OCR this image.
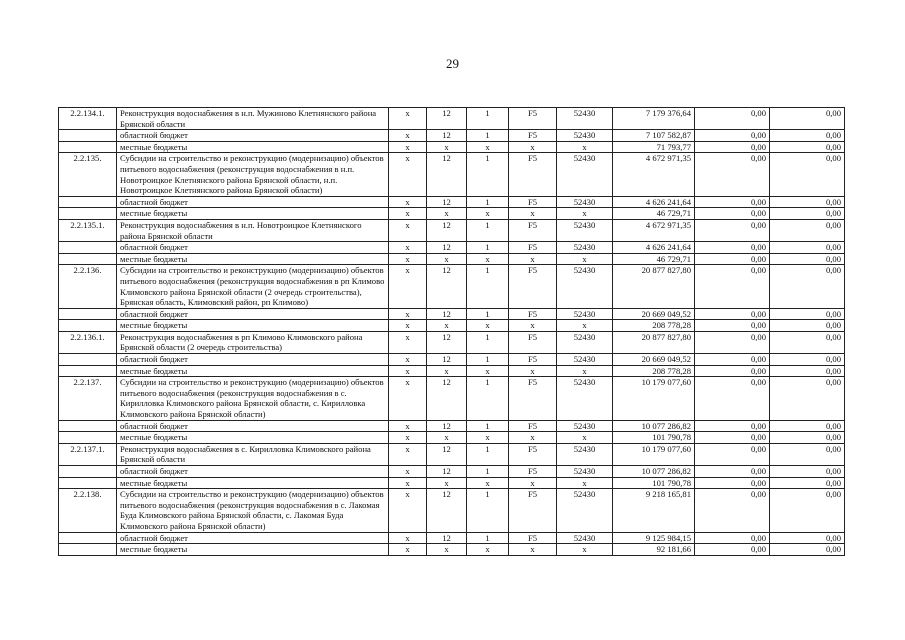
29
2.2.134.1.	Реконструкция водоснабжения в н.п. Мужиново Клетнянского района Брянской области	х	12	1	F5	52430	7 179 376,64	0,00	0,00
	областной бюджет	х	12	1	F5	52430	7 107 582,87	0,00	0,00
	местные бюджеты	х	х	х	х	х	71 793,77	0,00	0,00
2.2.135.	Субсидии на строительство и реконструкцию (модернизацию) объектов питьевого водоснабжения (реконструкция водоснабжения в н.п. Новотроицкое Клетнянского района Брянской области, н.п. Новотроицкое Клетнянского района Брянской области)	х	12	1	F5	52430	4 672 971,35	0,00	0,00
	областной бюджет	х	12	1	F5	52430	4 626 241,64	0,00	0,00
	местные бюджеты	х	х	х	х	х	46 729,71	0,00	0,00
2.2.135.1.	Реконструкция водоснабжения в н.п. Новотроицкое Клетнянского района Брянской области	х	12	1	F5	52430	4 672 971,35	0,00	0,00
	областной бюджет	х	12	1	F5	52430	4 626 241,64	0,00	0,00
	местные бюджеты	х	х	х	х	х	46 729,71	0,00	0,00
2.2.136.	Субсидии на строительство и реконструкцию (модернизацию) объектов питьевого водоснабжения (реконструкция водоснабжения в рп Климово Климовского района Брянской области (2 очередь строительства), Брянская область, Климовский район, рп Климово)	х	12	1	F5	52430	20 877 827,80	0,00	0,00
	областной бюджет	х	12	1	F5	52430	20 669 049,52	0,00	0,00
	местные бюджеты	х	х	х	х	х	208 778,28	0,00	0,00
2.2.136.1.	Реконструкция водоснабжения в рп Климово Климовского района Брянской области (2 очередь строительства)	х	12	1	F5	52430	20 877 827,80	0,00	0,00
	областной бюджет	х	12	1	F5	52430	20 669 049,52	0,00	0,00
	местные бюджеты	х	х	х	х	х	208 778,28	0,00	0,00
2.2.137.	Субсидии на строительство и реконструкцию (модернизацию) объектов питьевого водоснабжения (реконструкция водоснабжения в с. Кирилловка Климовского района Брянской области, с. Кирилловка Климовского района Брянской области)	х	12	1	F5	52430	10 179 077,60	0,00	0,00
	областной бюджет	х	12	1	F5	52430	10 077 286,82	0,00	0,00
	местные бюджеты	х	х	х	х	х	101 790,78	0,00	0,00
2.2.137.1.	Реконструкция водоснабжения в с. Кирилловка Климовского района Брянской области	х	12	1	F5	52430	10 179 077,60	0,00	0,00
	областной бюджет	х	12	1	F5	52430	10 077 286,82	0,00	0,00
	местные бюджеты	х	х	х	х	х	101 790,78	0,00	0,00
2.2.138.	Субсидии на строительство и реконструкцию (модернизацию) объектов питьевого водоснабжения (реконструкция водоснабжения в с. Лакомая Буда Климовского района Брянской области, с. Лакомая Буда Климовского района Брянской области)	х	12	1	F5	52430	9 218 165,81	0,00	0,00
	областной бюджет	х	12	1	F5	52430	9 125 984,15	0,00	0,00
	местные бюджеты	х	х	х	х	х	92 181,66	0,00	0,00
